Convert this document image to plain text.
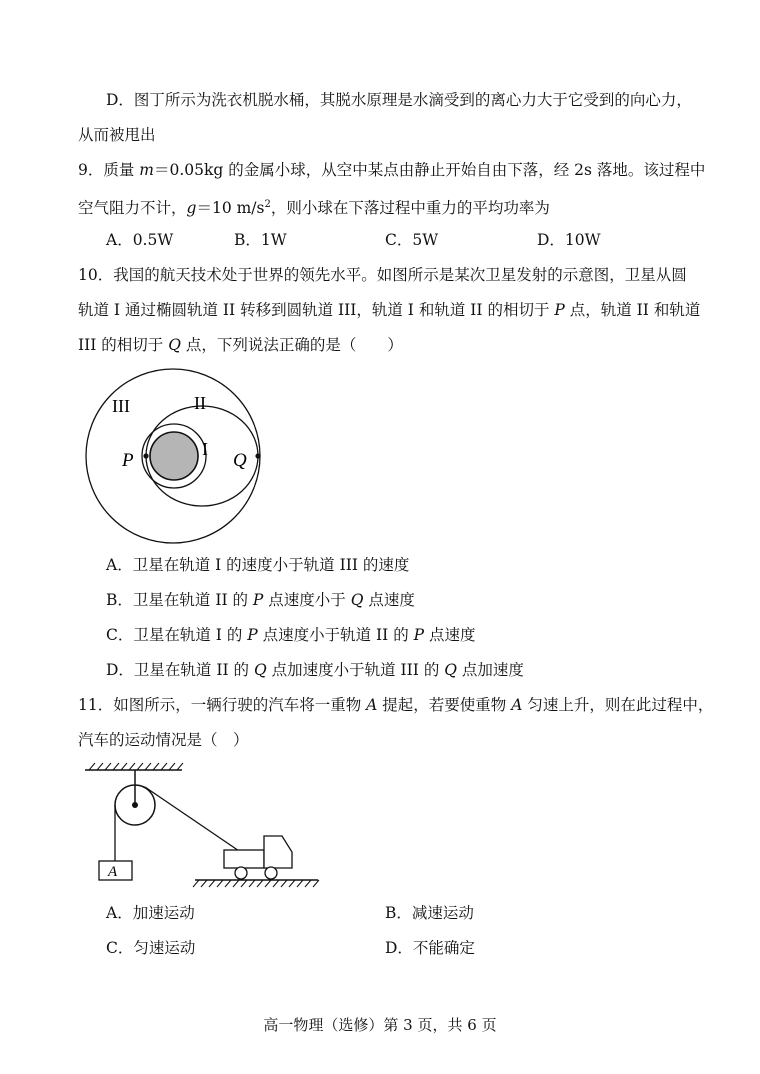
D．图丁所示为洗衣机脱水桶，其脱水原理是水滴受到的离心力大于它受到的向心力，
从而被甩出
9．质量 m＝0.05kg 的金属小球，从空中某点由静止开始自由下落，经 2s 落地。该过程中
空气阻力不计，g＝10 $m/s^2$，则小球在下落过程中重力的平均功率为
A．0.5W	B．1W	C．5W	D．10W
10．我国的航天技术处于世界的领先水平。如图所示是某次卫星发射的示意图，卫星从圆
轨道 I 通过椭圆轨道 II 转移到圆轨道 III，轨道 I 和轨道 II 的相切于 P 点，轨道 II 和轨道
III 的相切于 Q 点，下列说法正确的是（　　）
III	II
I
P	Q
A．卫星在轨道 I 的速度小于轨道 III 的速度
B．卫星在轨道 II 的 P 点速度小于 Q 点速度
C．卫星在轨道 I 的 P 点速度小于轨道 II 的 P 点速度
D．卫星在轨道 II 的 Q 点加速度小于轨道 III 的 Q 点加速度
11．如图所示，一辆行驶的汽车将一重物 A 提起，若要使重物 A 匀速上升，则在此过程中，
汽车的运动情况是（　）
A
A．加速运动	B．减速运动
C．匀速运动	D．不能确定
高一物理（选修）第 3 页，共 6 页
